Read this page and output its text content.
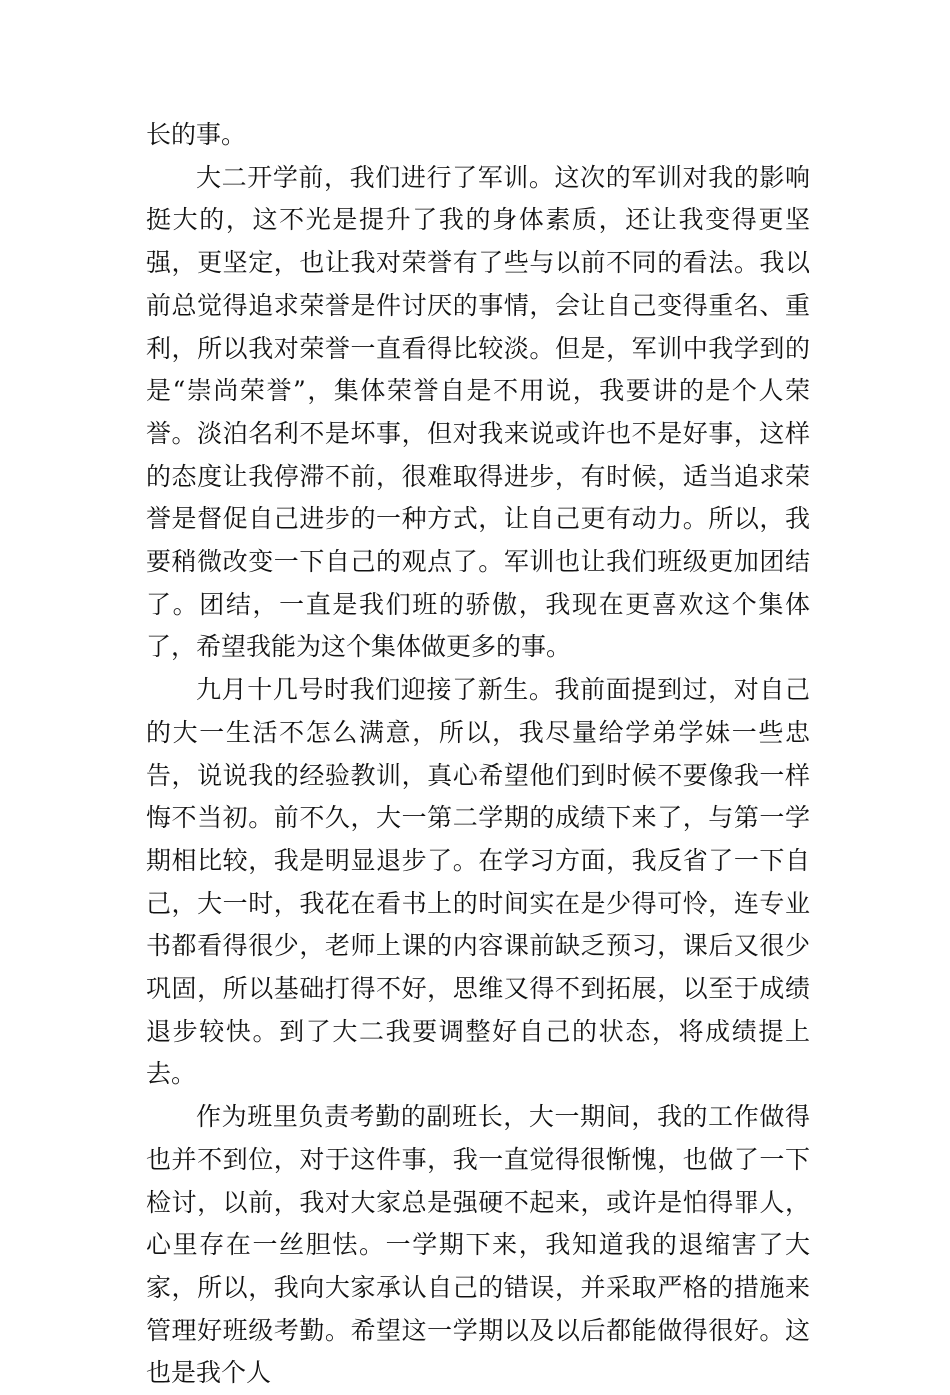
长的事。

大二开学前，我们进行了军训。这次的军训对我的影响挺大的，这不光是提升了我的身体素质，还让我变得更坚强，更坚定，也让我对荣誉有了些与以前不同的看法。我以前总觉得追求荣誉是件讨厌的事情，会让自己变得重名、重利，所以我对荣誉一直看得比较淡。但是，军训中我学到的是“崇尚荣誉”，集体荣誉自是不用说，我要讲的是个人荣誉。淡泊名利不是坏事，但对我来说或许也不是好事，这样的态度让我停滞不前，很难取得进步，有时候，适当追求荣誉是督促自己进步的一种方式，让自己更有动力。所以，我要稍微改变一下自己的观点了。军训也让我们班级更加团结了。团结，一直是我们班的骄傲，我现在更喜欢这个集体了，希望我能为这个集体做更多的事。

九月十几号时我们迎接了新生。我前面提到过，对自己的大一生活不怎么满意，所以，我尽量给学弟学妹一些忠告，说说我的经验教训，真心希望他们到时候不要像我一样悔不当初。前不久，大一第二学期的成绩下来了，与第一学期相比较，我是明显退步了。在学习方面，我反省了一下自己，大一时，我花在看书上的时间实在是少得可怜，连专业书都看得很少，老师上课的内容课前缺乏预习，课后又很少巩固，所以基础打得不好，思维又得不到拓展，以至于成绩退步较快。到了大二我要调整好自己的状态，将成绩提上去。

作为班里负责考勤的副班长，大一期间，我的工作做得也并不到位，对于这件事，我一直觉得很惭愧，也做了一下检讨，以前，我对大家总是强硬不起来，或许是怕得罪人，心里存在一丝胆怯。一学期下来，我知道我的退缩害了大家，所以，我向大家承认自己的错误，并采取严格的措施来管理好班级考勤。希望这一学期以及以后都能做得很好。这也是我个人
